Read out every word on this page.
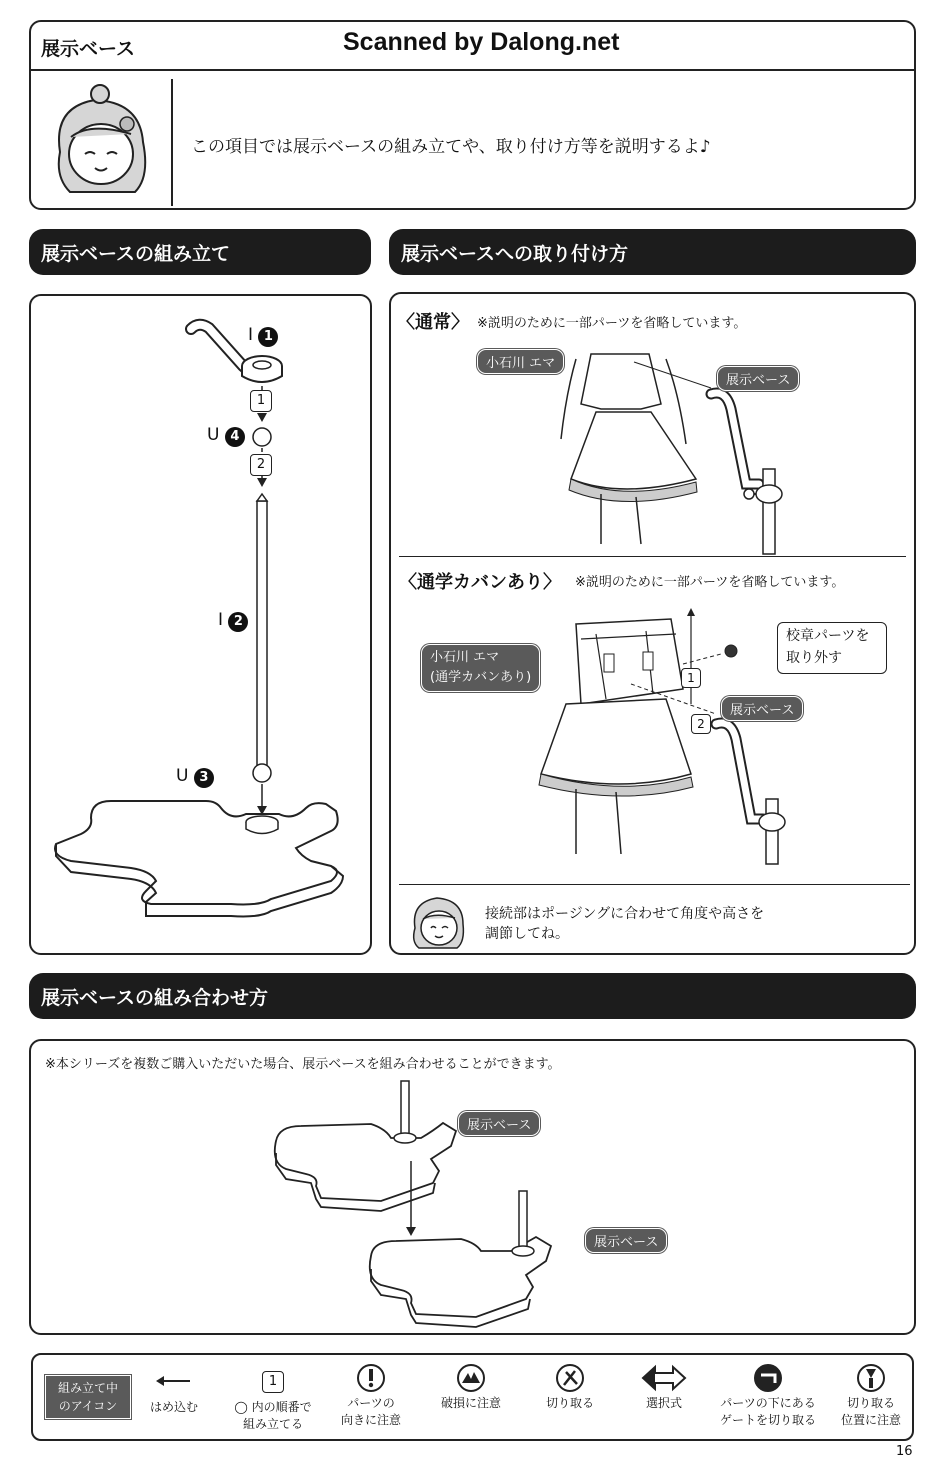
展示ベース	Scanned by Dalong.net
この項目では展示ベースの組み立てや、取り付け方等を説明するよ♪
展示ベースの組み立て	展示ベースへの取り付け方
1
2
I 1
U 4
I 2
U 3
〈通常〉 ※説明のために一部パーツを省略しています。
小石川 エマ
展示ベース
〈通学カバンあり〉 ※説明のために一部パーツを省略しています。
小石川 エマ
(通学カバンあり)
校章パーツを
取り外す
1
2
展示ベース
接続部はポージングに合わせて角度や高さを
調節してね。
展示ベースの組み合わせ方
※本シリーズを複数ご購入いただいた場合、展示ベースを組み合わせることができます。
展示ベース
展示ベース
組み立て中
のアイコン	はめ込む
1
◯ 内の順番で
組み立てる
パーツの
向きに注意
破損に注意	切り取る	選択式	パーツの下にある
ゲートを切り取る
切り取る
位置に注意
16
